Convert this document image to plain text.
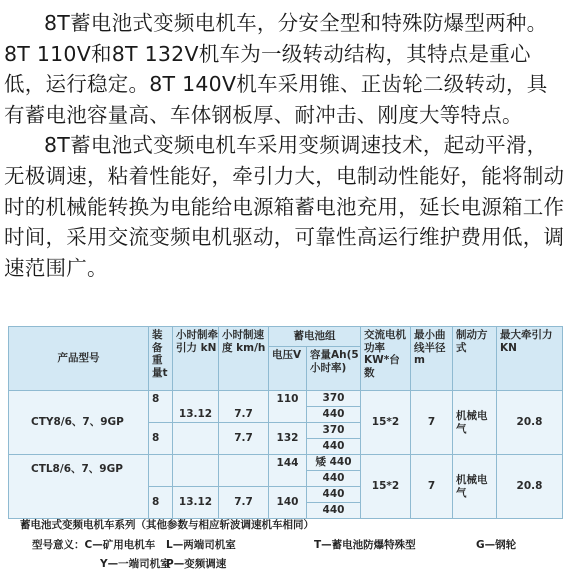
8T蓄电池式变频电机车，分安全型和特殊防爆型两种。8T 110V和8T 132V机车为一级转动结构，其特点是重心低，运行稳定。8T 140V机车采用锥、正齿轮二级转动，具有蓄电池容量高、车体钢板厚、耐冲击、刚度大等特点。

8T蓄电池式变频电机车采用变频调速技术，起动平滑，无极调速，粘着性能好，牵引力大，电制动性能好，能将制动时的机械能转换为电能给电源箱蓄电池充用，延长电源箱工作时间，采用交流变频电机驱动，可靠性高运行维护费用低，调速范围广。

产品型号	装备重量t	小时制牵引力 kN	小时制速度 km/h	蓄电池组		交流电机功率KW*台数	最小曲线半径m	制动方式	最大牵引力 KN
				电压V	容量Ah(5小时率)				
CTY8/6、7、9GP	8	13.12	7.7	110	370	15*2	7	机械电气	20.8
					440				
	8		7.7	132	370				
					440				
CTL8/6、7、9GP				144	矮 440	15*2	7	机械电气	20.8
					440				
	8	13.12	7.7	140	440				
					440				
蓄电池式变频电机车系列（其他参数与相应斩波调速机车相同）
型号意义：C—矿用电机车 L—两端司机室	T—蓄电池防爆特殊型	G—钢轮
Y—一端司机室
P—变频调速
